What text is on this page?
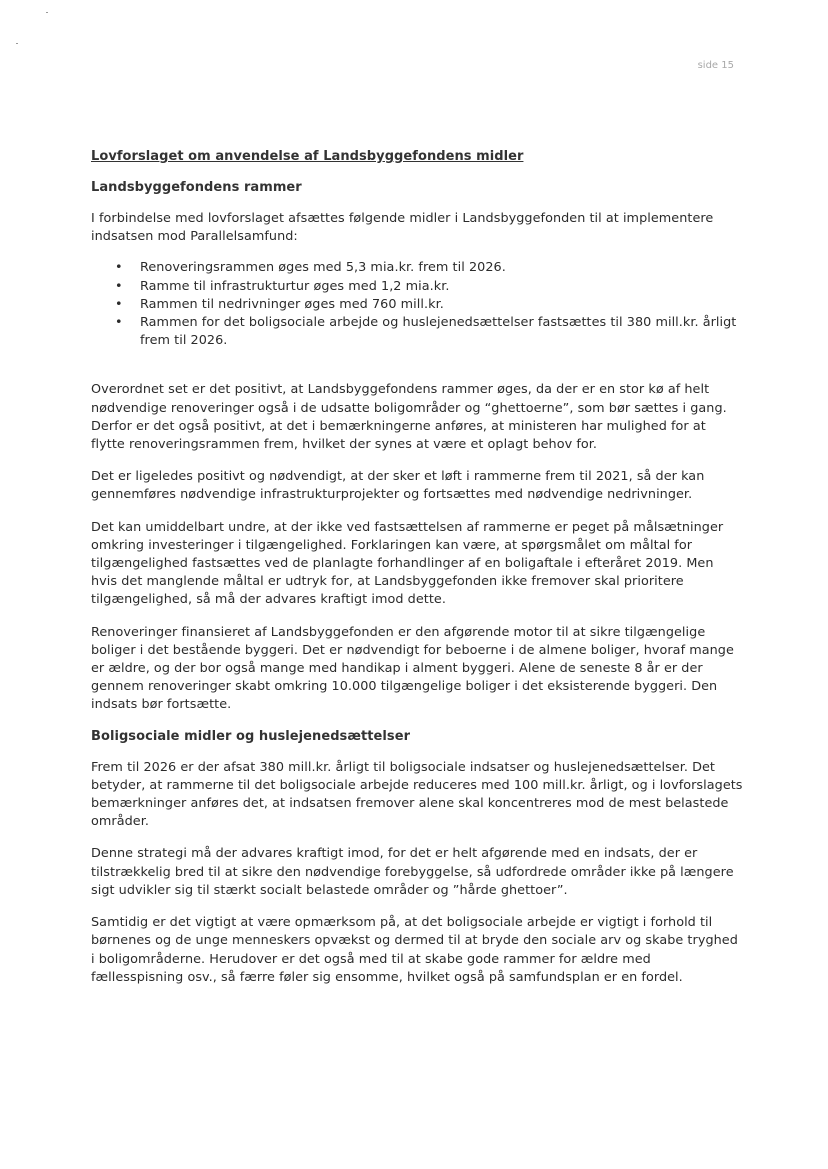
side 15
Lovforslaget om anvendelse af Landsbyggefondens midler
Landsbyggefondens rammer

I forbindelse med lovforslaget afsættes følgende midler i Landsbyggefonden til at implementere indsatsen mod Parallelsamfund:

• Renoveringsrammen øges med 5,3 mia.kr. frem til 2026.
• Ramme til infrastrukturtur øges med 1,2 mia.kr.
• Rammen til nedrivninger øges med 760 mill.kr.
• Rammen for det boligsociale arbejde og huslejenedsættelser fastsættes til 380 mill.kr. årligt frem til 2026.

Overordnet set er det positivt, at Landsbyggefondens rammer øges, da der er en stor kø af helt nødvendige renoveringer også i de udsatte boligområder og “ghettoerne”, som bør sættes i gang. Derfor er det også positivt, at det i bemærkningerne anføres, at ministeren har mulighed for at flytte renoveringsrammen frem, hvilket der synes at være et oplagt behov for.

Det er ligeledes positivt og nødvendigt, at der sker et løft i rammerne frem til 2021, så der kan gennemføres nødvendige infrastrukturprojekter og fortsættes med nødvendige nedrivninger.

Det kan umiddelbart undre, at der ikke ved fastsættelsen af rammerne er peget på målsætninger omkring investeringer i tilgængelighed. Forklaringen kan være, at spørgsmålet om måltal for tilgængelighed fastsættes ved de planlagte forhandlinger af en boligaftale i efteråret 2019. Men hvis det manglende måltal er udtryk for, at Landsbyggefonden ikke fremover skal prioritere tilgængelighed, så må der advares kraftigt imod dette.

Renoveringer finansieret af Landsbyggefonden er den afgørende motor til at sikre tilgængelige boliger i det bestående byggeri. Det er nødvendigt for beboerne i de almene boliger, hvoraf mange er ældre, og der bor også mange med handikap i alment byggeri. Alene de seneste 8 år er der gennem renoveringer skabt omkring 10.000 tilgængelige boliger i det eksisterende byggeri. Den indsats bør fortsætte.

Boligsociale midler og huslejenedsættelser

Frem til 2026 er der afsat 380 mill.kr. årligt til boligsociale indsatser og huslejenedsættelser. Det betyder, at rammerne til det boligsociale arbejde reduceres med 100 mill.kr. årligt, og i lovforslagets bemærkninger anføres det, at indsatsen fremover alene skal koncentreres mod de mest belastede områder.

Denne strategi må der advares kraftigt imod, for det er helt afgørende med en indsats, der er tilstrækkelig bred til at sikre den nødvendige forebyggelse, så udfordrede områder ikke på længere sigt udvikler sig til stærkt socialt belastede områder og ”hårde ghettoer”.

Samtidig er det vigtigt at være opmærksom på, at det boligsociale arbejde er vigtigt i forhold til børnenes og de unge menneskers opvækst og dermed til at bryde den sociale arv og skabe tryghed i boligområderne. Herudover er det også med til at skabe gode rammer for ældre med fællesspisning osv., så færre føler sig ensomme, hvilket også på samfundsplan er en fordel.
